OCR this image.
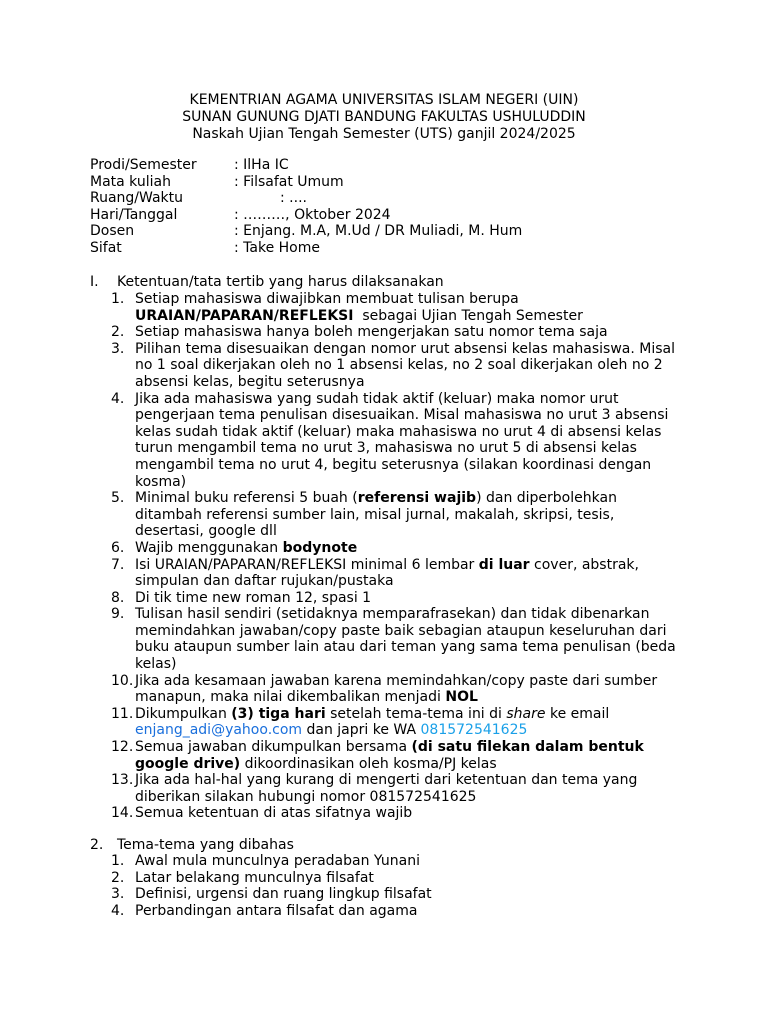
KEMENTRIAN AGAMA UNIVERSITAS ISLAM NEGERI (UIN)
SUNAN GUNUNG DJATI BANDUNG FAKULTAS USHULUDDIN
Naskah Ujian Tengah Semester (UTS) ganjil 2024/2025
Prodi/Semester	: IlHa IC
Mata kuliah	: Filsafat Umum
Ruang/Waktu	: ....
Hari/Tanggal	: ………, Oktober 2024
Dosen	: Enjang. M.A, M.Ud / DR Muliadi, M. Hum
Sifat	: Take Home
I. Ketentuan/tata tertib yang harus dilaksanakan
1. Setiap mahasiswa diwajibkan membuat tulisan berupa
URAIAN/PAPARAN/REFLEKSI  sebagai Ujian Tengah Semester
2. Setiap mahasiswa hanya boleh mengerjakan satu nomor tema saja
3. Pilihan tema disesuaikan dengan nomor urut absensi kelas mahasiswa. Misal no 1 soal dikerjakan oleh no 1 absensi kelas, no 2 soal dikerjakan oleh no 2 absensi kelas, begitu seterusnya
4. Jika ada mahasiswa yang sudah tidak aktif (keluar) maka nomor urut pengerjaan tema penulisan disesuaikan. Misal mahasiswa no urut 3 absensi kelas sudah tidak aktif (keluar) maka mahasiswa no urut 4 di absensi kelas turun mengambil tema no urut 3, mahasiswa no urut 5 di absensi kelas mengambil tema no urut 4, begitu seterusnya (silakan koordinasi dengan kosma)
5. Minimal buku referensi 5 buah (referensi wajib) dan diperbolehkan ditambah referensi sumber lain, misal jurnal, makalah, skripsi, tesis, desertasi, google dll
6. Wajib menggunakan bodynote
7. Isi URAIAN/PAPARAN/REFLEKSI minimal 6 lembar di luar cover, abstrak, simpulan dan daftar rujukan/pustaka
8. Di tik time new roman 12, spasi 1
9. Tulisan hasil sendiri (setidaknya memparafrasekan) dan tidak dibenarkan memindahkan jawaban/copy paste baik sebagian ataupun keseluruhan dari buku ataupun sumber lain atau dari teman yang sama tema penulisan (beda kelas)
10. Jika ada kesamaan jawaban karena memindahkan/copy paste dari sumber manapun, maka nilai dikembalikan menjadi NOL
11. Dikumpulkan (3) tiga hari setelah tema-tema ini di share ke email
enjang_adi@yahoo.com dan japri ke WA 081572541625
12. Semua jawaban dikumpulkan bersama (di satu filekan dalam bentuk google drive) dikoordinasikan oleh kosma/PJ kelas
13. Jika ada hal-hal yang kurang di mengerti dari ketentuan dan tema yang diberikan silakan hubungi nomor 081572541625
14. Semua ketentuan di atas sifatnya wajib
2. Tema-tema yang dibahas
1. Awal mula munculnya peradaban Yunani
2. Latar belakang munculnya filsafat
3. Definisi, urgensi dan ruang lingkup filsafat
4. Perbandingan antara filsafat dan agama
